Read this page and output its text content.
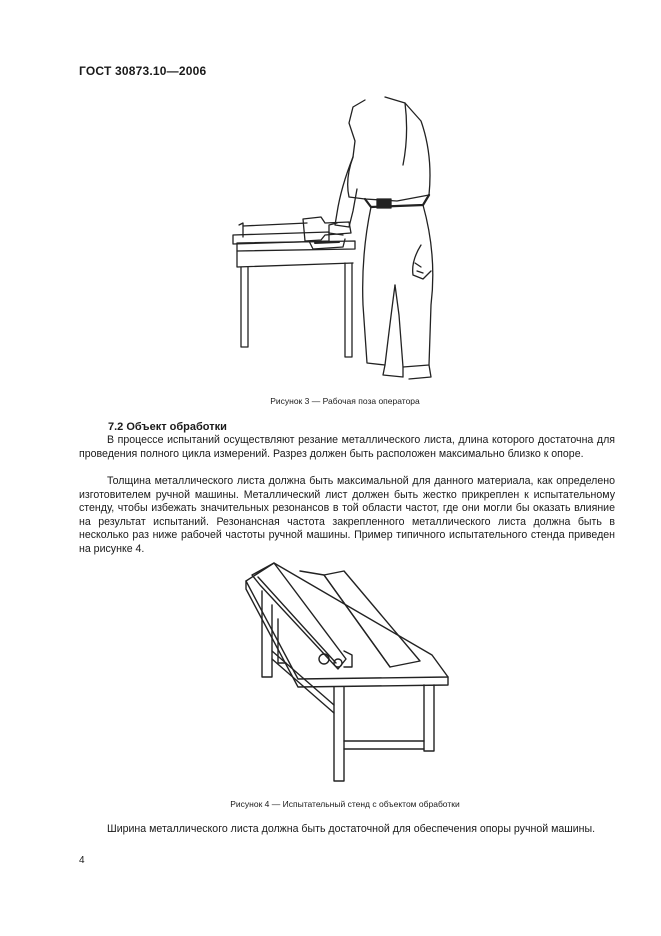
ГОСТ 30873.10—2006
Рисунок 3 — Рабочая поза оператора
7.2 Объект обработки

В процессе испытаний осуществляют резание металлического листа, длина которого достаточна для проведения полного цикла измерений. Разрез должен быть расположен максимально близко к опоре.

Толщина металлического листа должна быть максимальной для данного материала, как определено изготовителем ручной машины. Металлический лист должен быть жестко прикреплен к испытательному стенду, чтобы избежать значительных резонансов в той области частот, где они могли бы оказать влияние на результат испытаний. Резонансная частота закрепленного металлического листа должна быть в несколько раз ниже рабочей частоты ручной машины. Пример типичного испытательного стенда приведен на рисунке 4.

Рисунок 4 — Испытательный стенд с объектом обработки

Ширина металлического листа должна быть достаточной для обеспечения опоры ручной машины.

4
